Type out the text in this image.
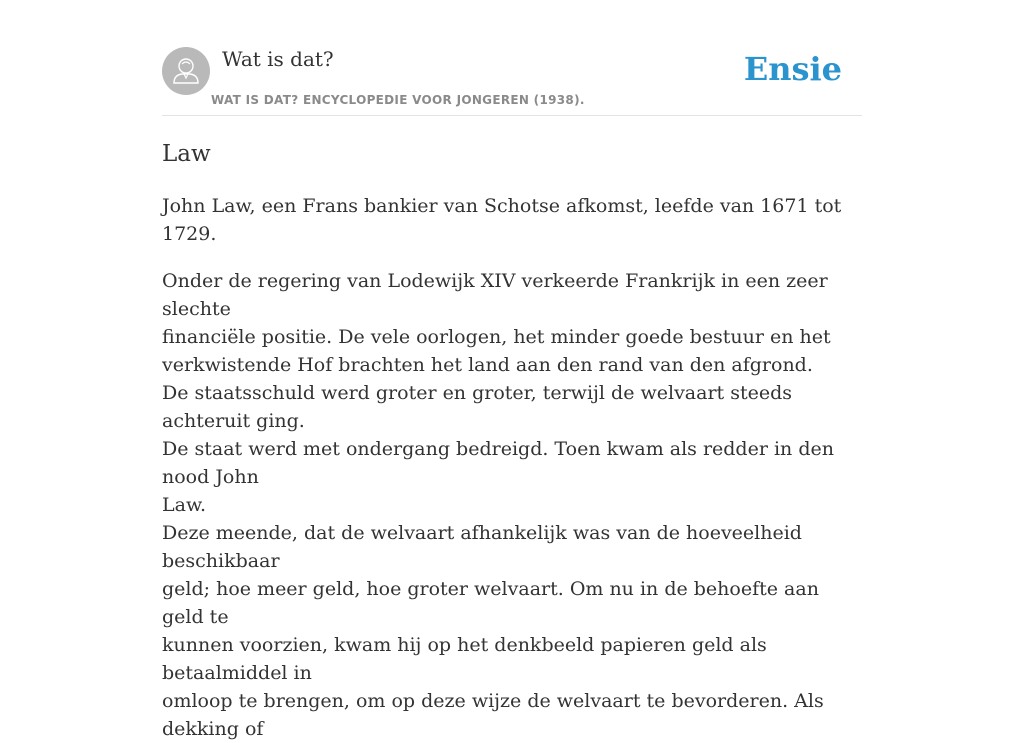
Wat is dat?
WAT IS DAT? ENCYCLOPEDIE VOOR JONGEREN (1938).
Ensie
Law

John Law, een Frans bankier van Schotse afkomst, leefde van 1671 tot 1729.

Onder de regering van Lodewijk XIV verkeerde Frankrijk in een zeer slechte
financiële positie. De vele oorlogen, het minder goede bestuur en het
verkwistende Hof brachten het land aan den rand van den afgrond.
De staatsschuld werd groter en groter, terwijl de welvaart steeds achteruit ging.
De staat werd met ondergang bedreigd. Toen kwam als redder in den nood John
Law.
Deze meende, dat de welvaart afhankelijk was van de hoeveelheid beschikbaar
geld; hoe meer geld, hoe groter welvaart. Om nu in de behoefte aan geld te
kunnen voorzien, kwam hij op het denkbeeld papieren geld als betaalmiddel in
omloop te brengen, om op deze wijze de welvaart te bevorderen. Als dekking of
